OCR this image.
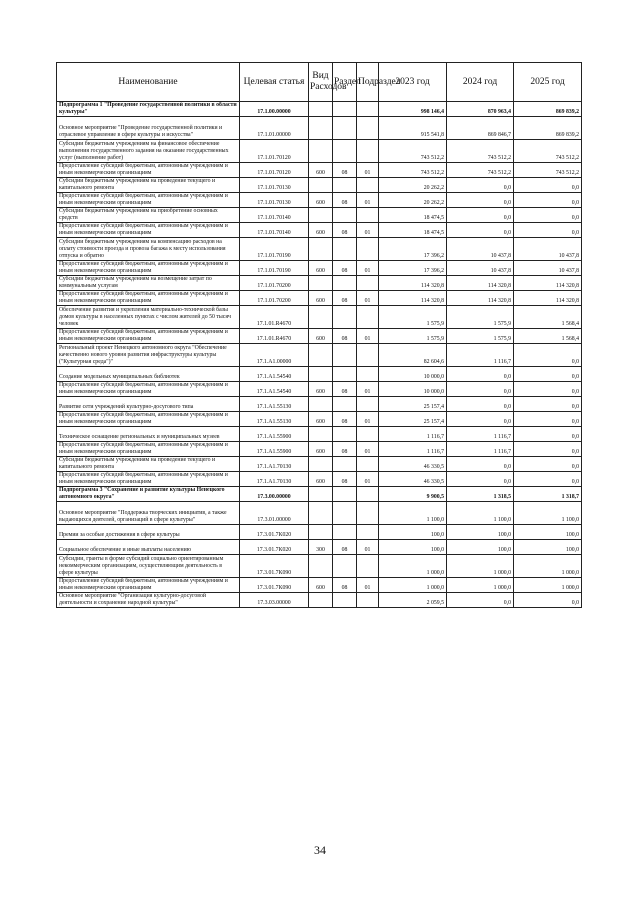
Наименование	Целевая статья	Вид Расходов	Раздел	Подраздел	2023 год	2024 год	2025 год
Подпрограмма 1 "Проведение государственной политики в области культуры"	17.1.00.00000				998 146,4	870 963,4	869 839,2
Основное мероприятие "Проведение государственной политики и отраслевое управление в сфере культуры и искусства"	17.1.01.00000				915 541,8	869 846,7	869 839,2
Субсидии бюджетным учреждениям на финансовое обеспечение выполнения государственного задания на оказание государственных услуг (выполнение работ)	17.1.01.70120				743 512,2	743 512,2	743 512,2
Предоставление субсидий бюджетным, автономным учреждениям и иным некоммерческим организациям	17.1.01.70120	600	08	01	743 512,2	743 512,2	743 512,2
Субсидии бюджетным учреждениям на проведение текущего и капитального ремонта	17.1.01.70130				20 262,2	0,0	0,0
Предоставление субсидий бюджетным, автономным учреждениям и иным некоммерческим организациям	17.1.01.70130	600	08	01	20 262,2	0,0	0,0
Субсидии бюджетным учреждениям на приобретение основных средств	17.1.01.70140				18 474,5	0,0	0,0
Предоставление субсидий бюджетным, автономным учреждениям и иным некоммерческим организациям	17.1.01.70140	600	08	01	18 474,5	0,0	0,0
Субсидии бюджетным учреждениям на компенсацию расходов на оплату стоимости проезда и провоза багажа к месту использования отпуска и обратно	17.1.01.70190				17 396,2	10 437,8	10 437,8
Предоставление субсидий бюджетным, автономным учреждениям и иным некоммерческим организациям	17.1.01.70190	600	08	01	17 396,2	10 437,8	10 437,8
Субсидии бюджетным учреждениям на возмещение затрат по коммунальным услугам	17.1.01.70200				114 320,8	114 320,8	114 320,8
Предоставление субсидий бюджетным, автономным учреждениям и иным некоммерческим организациям	17.1.01.70200	600	08	01	114 320,8	114 320,8	114 320,8
Обеспечение развития и укрепления материально-технической базы домов культуры в населенных пунктах с числом жителей до 50 тысяч человек	17.1.01.R4670				1 575,9	1 575,9	1 568,4
Предоставление субсидий бюджетным, автономным учреждениям и иным некоммерческим организациям	17.1.01.R4670	600	08	01	1 575,9	1 575,9	1 568,4
Региональный проект Ненецкого автономного округа "Обеспечение качественно нового уровня развития инфраструктуры культуры ("Культурная среда")"	17.1.А1.00000				82 604,6	1 116,7	0,0
Создание модельных муниципальных библиотек	17.1.А1.54540				10 000,0	0,0	0,0
Предоставление субсидий бюджетным, автономным учреждениям и иным некоммерческим организациям	17.1.А1.54540	600	08	01	10 000,0	0,0	0,0
Развитие сети учреждений культурно-досугового типа	17.1.А1.55130				25 157,4	0,0	0,0
Предоставление субсидий бюджетным, автономным учреждениям и иным некоммерческим организациям	17.1.А1.55130	600	08	01	25 157,4	0,0	0,0
Техническое оснащение региональных и муниципальных музеев	17.1.А1.55900				1 116,7	1 116,7	0,0
Предоставление субсидий бюджетным, автономным учреждениям и иным некоммерческим организациям	17.1.А1.55900	600	08	01	1 116,7	1 116,7	0,0
Субсидии бюджетным учреждениям на проведение текущего и капитального ремонта	17.1.А1.70130				46 330,5	0,0	0,0
Предоставление субсидий бюджетным, автономным учреждениям и иным некоммерческим организациям	17.1.А1.70130	600	08	01	46 330,5	0,0	0,0
Подпрограмма 3 "Сохранение и развитие культуры Ненецкого автономного округа"	17.3.00.00000				9 900,5	1 318,5	1 318,7
Основное мероприятие "Поддержка творческих инициатив, а также выдающихся деятелей, организаций в сфере культуры"	17.3.01.00000				1 100,0	1 100,0	1 100,0
Премии за особые достижения в сфере культуры	17.3.01.7К020				100,0	100,0	100,0
Социальное обеспечение и иные выплаты населению	17.3.01.7К020	300	08	01	100,0	100,0	100,0
Субсидии, гранты в форме субсидий социально ориентированным некоммерческим организациям, осуществляющим деятельность в сфере культуры	17.3.01.7К090				1 000,0	1 000,0	1 000,0
Предоставление субсидий бюджетным, автономным учреждениям и иным некоммерческим организациям	17.3.01.7К090	600	08	01	1 000,0	1 000,0	1 000,0
Основное мероприятие "Организация культурно-досуговой деятельности и сохранение народной культуры"	17.3.03.00000				2 059,5	0,0	0,0
34
